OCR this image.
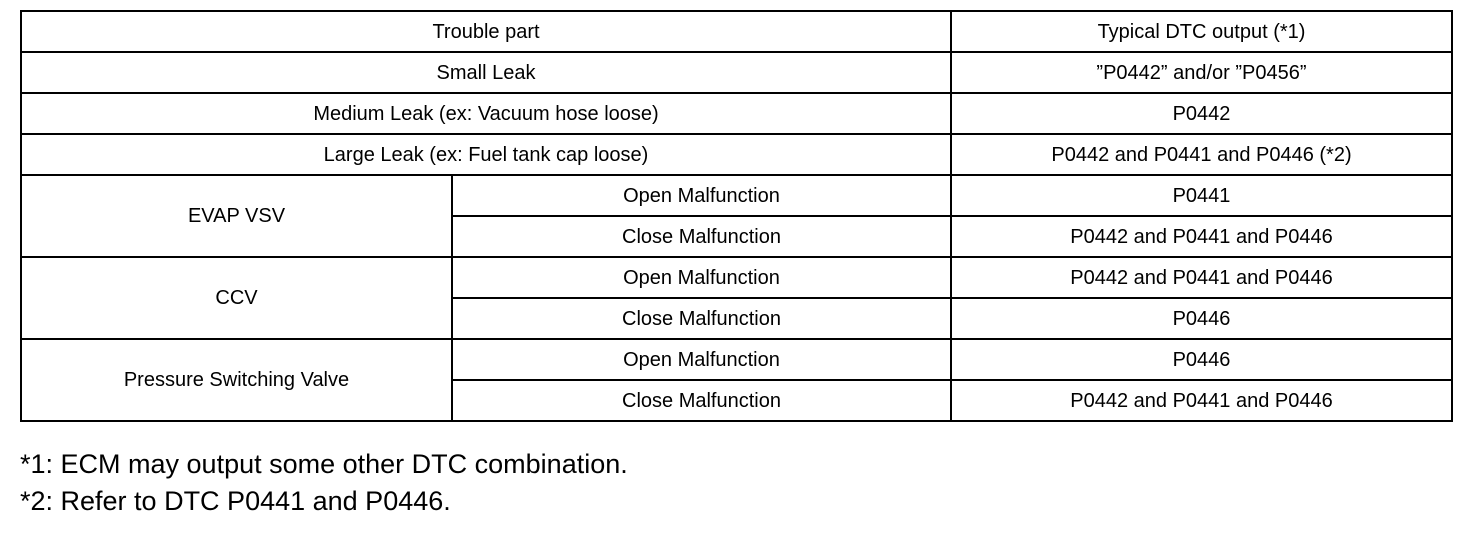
Trouble part		Typical DTC output (*1)
Small Leak		”P0442” and/or ”P0456”
Medium Leak (ex: Vacuum hose loose)		P0442
Large Leak (ex: Fuel tank cap loose)		P0442 and P0441 and P0446 (*2)
EVAP VSV	Open Malfunction	P0441
	Close Malfunction	P0442 and P0441 and P0446
CCV	Open Malfunction	P0442 and P0441 and P0446
	Close Malfunction	P0446
Pressure Switching Valve	Open Malfunction	P0446
	Close Malfunction	P0442 and P0441 and P0446
*1: ECM may output some other DTC combination.
*2: Refer to DTC P0441 and P0446.
